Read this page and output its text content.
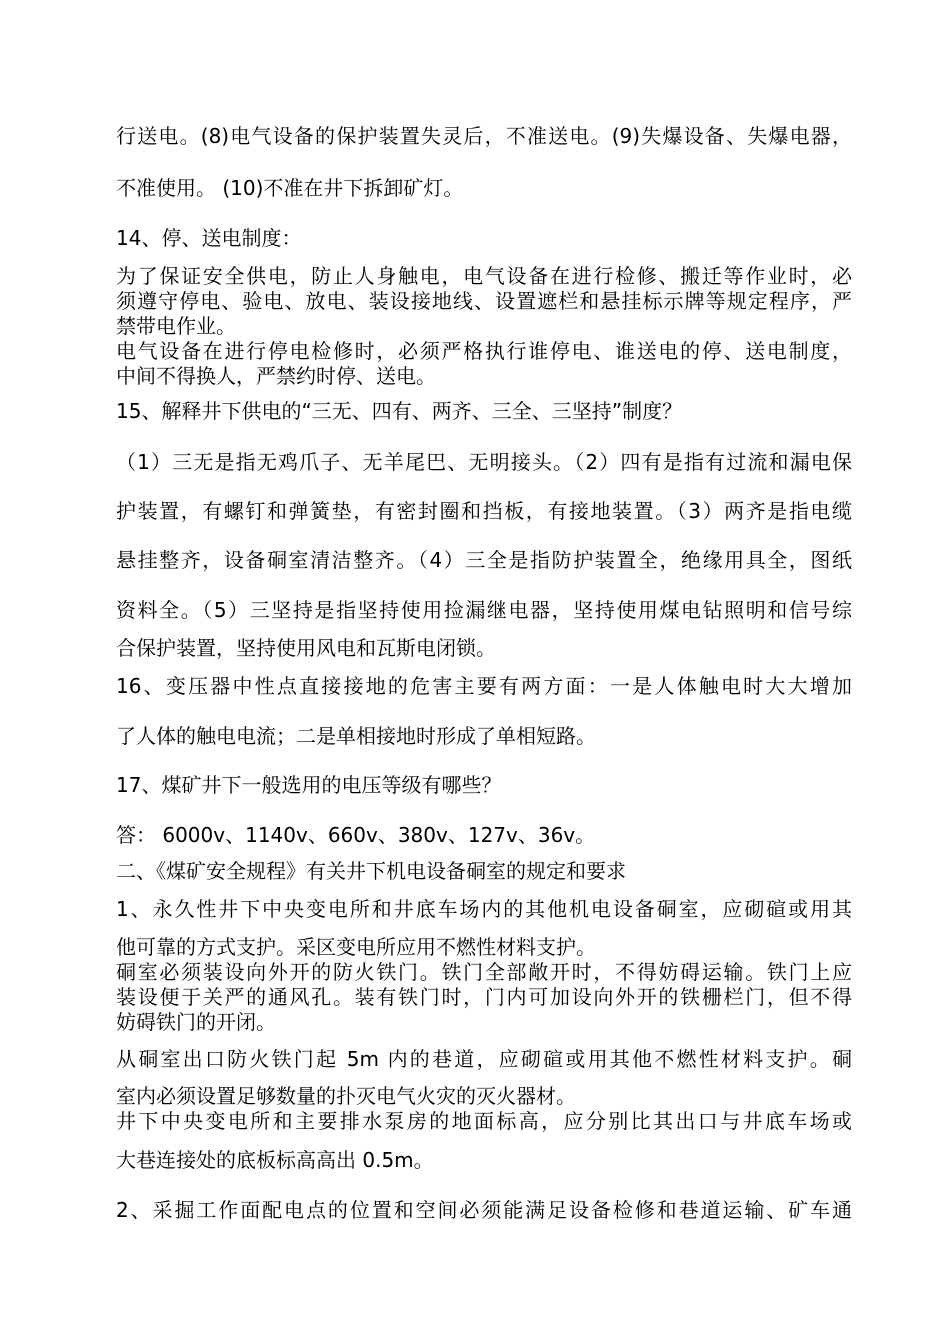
行送电。(8)电气设备的保护装置失灵后，不准送电。(9)失爆设备、失爆电器，
不准使用。 (10)不准在井下拆卸矿灯。
14、停、送电制度：
为了保证安全供电，防止人身触电，电气设备在进行检修、搬迁等作业时，必
须遵守停电、验电、放电、装设接地线、设置遮栏和悬挂标示牌等规定程序，严
禁带电作业。
电气设备在进行停电检修时，必须严格执行谁停电、谁送电的停、送电制度，
中间不得换人，严禁约时停、送电。
15、解释井下供电的“三无、四有、两齐、三全、三坚持”制度？
（1）三无是指无鸡爪子、无羊尾巴、无明接头。（2）四有是指有过流和漏电保
护装置，有螺钉和弹簧垫，有密封圈和挡板，有接地装置。（3）两齐是指电缆
悬挂整齐，设备硐室清洁整齐。（4）三全是指防护装置全，绝缘用具全，图纸
资料全。（5）三坚持是指坚持使用捡漏继电器，坚持使用煤电钻照明和信号综
合保护装置，坚持使用风电和瓦斯电闭锁。
16、变压器中性点直接接地的危害主要有两方面：一是人体触电时大大增加
了人体的触电电流；二是单相接地时形成了单相短路。
17、煤矿井下一般选用的电压等级有哪些？
答： 6000v、1140v、660v、380v、127v、36v。
二、《煤矿安全规程》有关井下机电设备硐室的规定和要求
1、永久性井下中央变电所和井底车场内的其他机电设备硐室，应砌碹或用其
他可靠的方式支护。采区变电所应用不燃性材料支护。
硐室必须装设向外开的防火铁门。铁门全部敞开时，不得妨碍运输。铁门上应
装设便于关严的通风孔。装有铁门时，门内可加设向外开的铁栅栏门，但不得
妨碍铁门的开闭。
从硐室出口防火铁门起 5m 内的巷道，应砌碹或用其他不燃性材料支护。硐
室内必须设置足够数量的扑灭电气火灾的灭火器材。
井下中央变电所和主要排水泵房的地面标高，应分别比其出口与井底车场或
大巷连接处的底板标高高出 0.5m。
2、采掘工作面配电点的位置和空间必须能满足设备检修和巷道运输、矿车通
